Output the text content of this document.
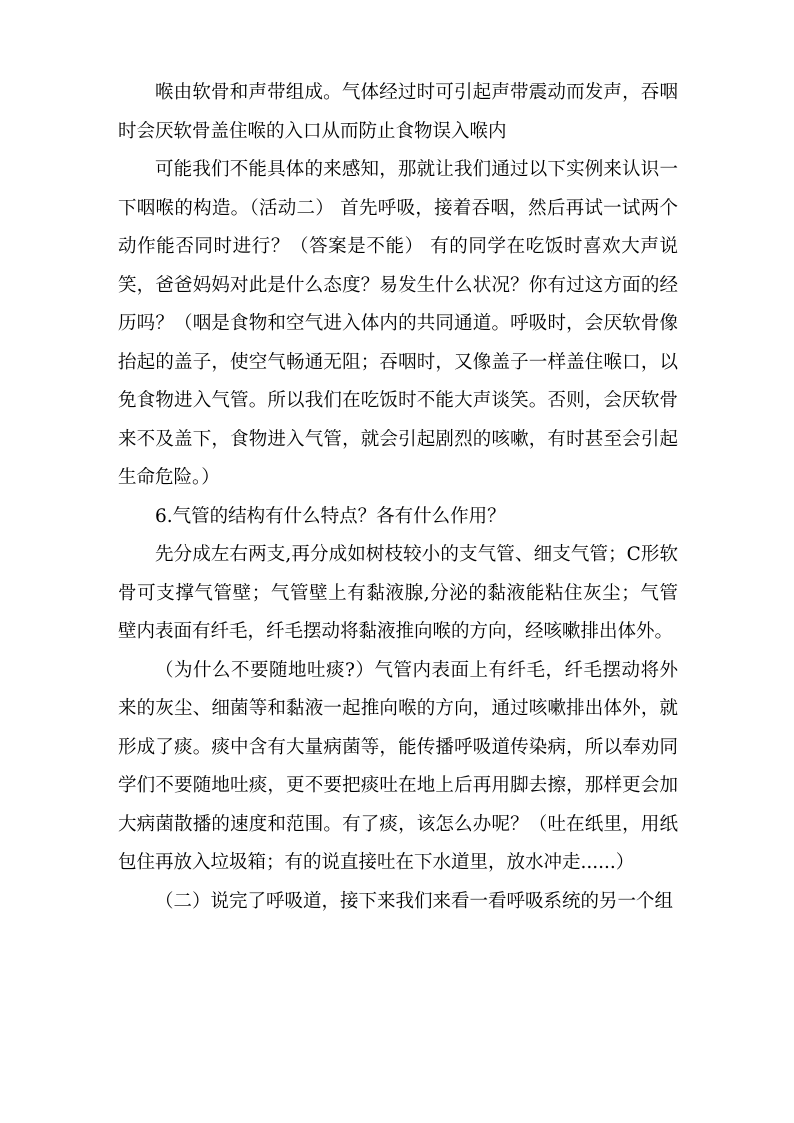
喉由软骨和声带组成。气体经过时可引起声带震动而发声，吞咽时会厌软骨盖住喉的入口从而防止食物误入喉内

可能我们不能具体的来感知，那就让我们通过以下实例来认识一下咽喉的构造。（活动二） 首先呼吸，接着吞咽，然后再试一试两个动作能否同时进行？（答案是不能） 有的同学在吃饭时喜欢大声说笑，爸爸妈妈对此是什么态度？易发生什么状况？你有过这方面的经历吗？（咽是食物和空气进入体内的共同通道。呼吸时，会厌软骨像抬起的盖子，使空气畅通无阻；吞咽时，又像盖子一样盖住喉口，以免食物进入气管。所以我们在吃饭时不能大声谈笑。否则，会厌软骨来不及盖下，食物进入气管，就会引起剧烈的咳嗽，有时甚至会引起生命危险。）

6.气管的结构有什么特点？各有什么作用？

先分成左右两支,再分成如树枝较小的支气管、细支气管；C形软骨可支撑气管壁；气管壁上有黏液腺,分泌的黏液能粘住灰尘；气管壁内表面有纤毛，纤毛摆动将黏液推向喉的方向，经咳嗽排出体外。

（为什么不要随地吐痰?）气管内表面上有纤毛，纤毛摆动将外来的灰尘、细菌等和黏液一起推向喉的方向，通过咳嗽排出体外，就形成了痰。痰中含有大量病菌等，能传播呼吸道传染病，所以奉劝同学们不要随地吐痰，更不要把痰吐在地上后再用脚去擦，那样更会加大病菌散播的速度和范围。有了痰，该怎么办呢？（吐在纸里，用纸包住再放入垃圾箱；有的说直接吐在下水道里，放水冲走......）

（二）说完了呼吸道，接下来我们来看一看呼吸系统的另一个组
